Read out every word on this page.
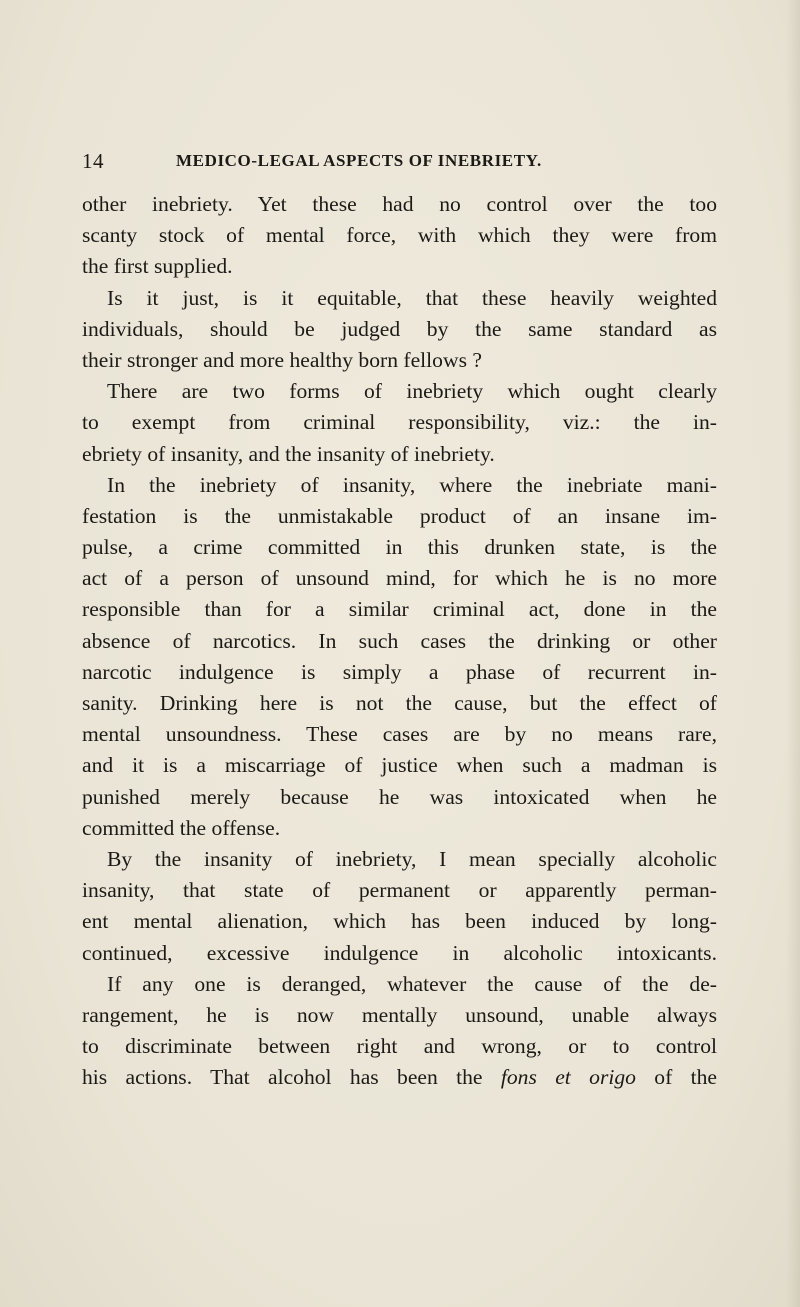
14	MEDICO-LEGAL ASPECTS OF INEBRIETY.
other inebriety. Yet these had no control over the too
scanty stock of mental force, with which they were from
the first supplied.
Is it just, is it equitable, that these heavily weighted
individuals, should be judged by the same standard as
their stronger and more healthy born fellows ?
There are two forms of inebriety which ought clearly
to exempt from criminal responsibility, viz.: the in-
ebriety of insanity, and the insanity of inebriety.
In the inebriety of insanity, where the inebriate mani-
festation is the unmistakable product of an insane im-
pulse, a crime committed in this drunken state, is the
act of a person of unsound mind, for which he is no more
responsible than for a similar criminal act, done in the
absence of narcotics. In such cases the drinking or other
narcotic indulgence is simply a phase of recurrent in-
sanity. Drinking here is not the cause, but the effect of
mental unsoundness. These cases are by no means rare,
and it is a miscarriage of justice when such a madman is
punished merely because he was intoxicated when he
committed the offense.
By the insanity of inebriety, I mean specially alcoholic
insanity, that state of permanent or apparently perman-
ent mental alienation, which has been induced by long-
continued, excessive indulgence in alcoholic intoxicants.
If any one is deranged, whatever the cause of the de-
rangement, he is now mentally unsound, unable always
to discriminate between right and wrong, or to control
his actions. That alcohol has been the fons et origo of the
